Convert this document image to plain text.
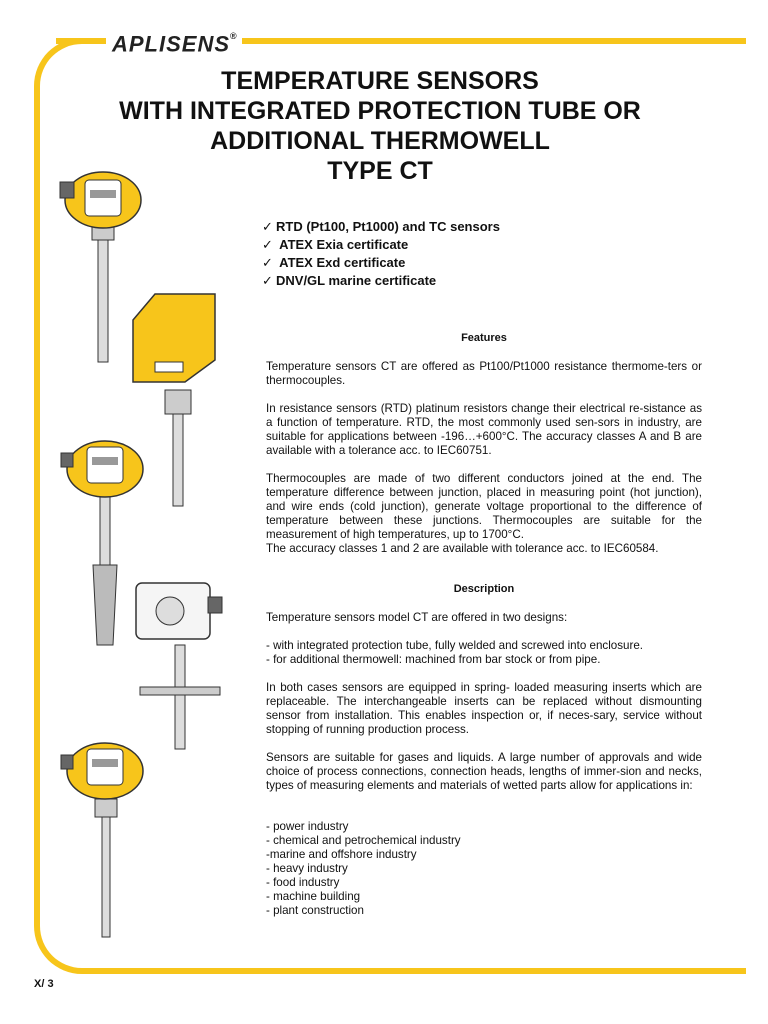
APLISENS®
TEMPERATURE SENSORS
WITH INTEGRATED PROTECTION TUBE OR
ADDITIONAL THERMOWELL
TYPE CT
✓ RTD (Pt100, Pt1000) and TC sensors
✓ ATEX Exia certificate
✓ ATEX Exd certificate
✓ DNV/GL marine certificate
Features

Temperature sensors CT are offered as Pt100/Pt1000 resistance thermome-ters or thermocouples.

In resistance sensors (RTD) platinum resistors change their electrical re-sistance as a function of temperature. RTD, the most commonly used sen-sors in industry, are suitable for applications between -196…+600°C. The accuracy classes A and B are available with a tolerance acc. to IEC60751.

Thermocouples are made of two different conductors joined at the end. The temperature difference between junction, placed in measuring point (hot junction), and wire ends (cold junction), generate voltage proportional to the difference of temperature between these junctions. Thermocouples are suitable for the measurement of high temperatures, up to 1700°C.

The accuracy classes 1 and 2 are available with tolerance acc. to IEC60584.

Description

Temperature sensors model CT are offered in two designs:

- with integrated protection tube, fully welded and screwed into enclosure.

- for additional thermowell: machined from bar stock or from pipe.

In both cases sensors are equipped in spring- loaded measuring inserts which are replaceable. The interchangeable inserts can be replaced without dismounting sensor from installation. This enables inspection or, if neces-sary, service without stopping of running production process.

Sensors are suitable for gases and liquids. A large number of approvals and wide choice of process connections, connection heads, lengths of immer-sion and necks, types of measuring elements and materials of wetted parts allow for applications in:

- power industry
- chemical and petrochemical industry
-marine and offshore industry
- heavy industry
- food industry
- machine building
- plant construction
X/ 3
